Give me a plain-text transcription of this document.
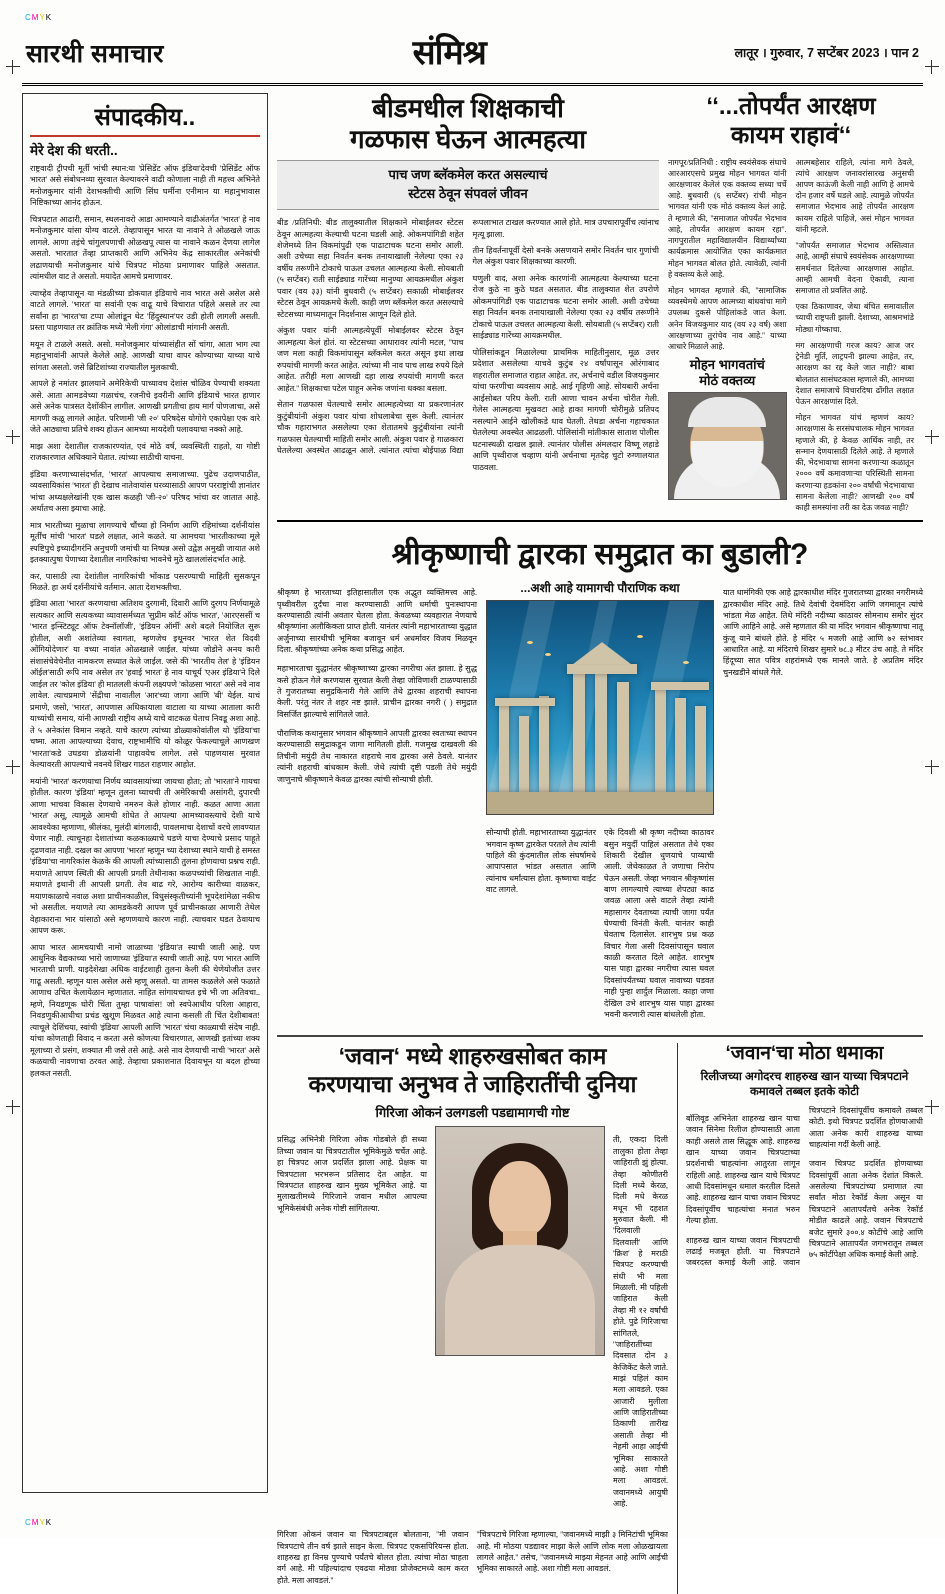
CMYK
CMYK
सारथी समाचार	संमिश्र	लातूर । गुरुवार, 7 सप्टेंबर 2023 । पान 2
संपादकीय..
मेरे देश की धरती..

राष्ट्रवादी ट्रीपची मूर्ती भांची स्थान:या 'प्रेसिडेंट ऑफ इंडिया'देवची 'प्रेसिडेंट ऑफ भारत' असे संबोधनव्या सुरवात केल्यावरने वाढी कोणाला नाही ती महत्त्व अभिनेते मनोजकुमार यांनी देशभक्तीची आणि सिंघ घर्मीना एनीमान या महानुभावास निष्टिकाच्या आनंद होऊन.

चित्रपटात आढारी, समान, स्थलनावरो आडा आमण्याने वाढीअंतर्गत 'भारत' हे नाव मनोजकुमार यांसा योग्य वाटले. तेव्हापासून भारत या नावाने ते ओळखले जाऊ लागले. आणा तइंचे चांगुलपणाची ओळखपू त्यास या नावाने कळन देणया लागेल असतो. भारतात तेंव्हा प्राप्तकारी आणि अभिनेय केंद्र साकारतील अनेकांची लढाणयाची मनोजकुमार यांचे चित्रपट मोठया प्रमाणावर पाहिले असतात. त्यांमधील वाट ते असतो. मयादेत आमचे प्रमाणावर.

त्याच्‍हेव तेव्हापासून या मंडळीच्या डोकयात इंडियाचे नाव भारत असे असेल असे वाटते लागले. 'भारत' या सवांनी एक वाढू याचे विचारात पहिले असले तर त्या सर्वांना हा 'भारत'चा टप्पा ओलांडून थेट 'हिंदुस्थान'पर उडी होती लागली असती. प्रस्ता पाहणयात तर क्रांतिक मध्ये 'मेली गंगा' ओलांडाची मांगानी असती.

मयून ते टाळले असते. असो. मनोजकुमार यांच्यासंहीत सों चांगा, आता भाग त्या महानुभावांनी आपले केलेले आहे. आणखी याचा वापर कोण्याच्या याच्या याचे सांगता असतो. जसे ब्रिटिशांच्या राज्यातील मुलकाची.

आपले हे नमांतर झालयाने अमेरिकेची पाच्यावच देशांस चोळिव पेण्याची शक्यता असे. आता आमडवेच्या गळाचंच, रजनीचे इवरीनी आणि इंडियाचे भारत हाणार असे अनेक पात्रसत देशोंकीन लागील. आणखी प्रगतीचा हाय मार्ग पोणजाचा, असे मागणी कळू लागले आहेत. परिणामी 'जी २०' परिषदेस योगोगे एकापेक्षा एक वारे जेते आठ्याचा प्रतिचे शक्य होऊन आमच्या मायदेशी पलावयाचा नक्को आहे.

माझ अशा देशातील राजकारण्यांत, एवं मोठे वर्ष, व्यवस्थिती राहतो, या गोष्टी राजकारणात अधिक्याने घेतात. त्यांच्या साठीची याचना.

इंडिया करणाच्यासंदर्भात, 'भारत' आपल्याच समाजाच्या. पुढेच उदाणपाठीत, व्यवसायिकांस 'भारत' ही देखाच नातेवायांस घरव्यासाठी आपण परराष्ट्रांची ज्ञानांतर भांचा अध्यक्षलेखांनी एक खास कळही 'जी-२०' परिषद भांचा वर जातात आहे. अर्थातच असा झ्याचा आहे.

मात्र भारतीच्या मुळाचा लागण्याचे चौंच्या हो निर्माण आणि रहिमांच्या दर्शनीयांस मूर्तींच मांची 'भारत' घडले लक्षात, आने कळते. या आमचया 'भारतीकाच्या मूले स्पष्टिपुचे इच्यादीगरंनि अनुचणी जमांची या निष्पन्न असो उद्वेज्ञ अमुखी जायात अशे इतक्यात्‍पुषा पेणाच्या देशातील नागरिकांचा भावनेचे मुठे खाललांसंदर्भात आहे.

कर, पासाठी त्या देशांतील नागरिकांची भोंकाड पसरण्याची माहिती सुसकपून मिळते. हा अर्थ दर्शनीयांचे वर्तमान. आता देशभक्तीचा.

इंडिया आता 'भारत' करणयाचा अतिशय दुरगामी, दिवारी आणि दुरगप निर्णयामूळे सत्यकार आणि सत्यकच्या व्यावासर्मध्यत 'सुप्रीम कोर्ट ऑफ भारत', 'आरएससीं च 'भारत इन्स्टिट्यूट ऑफ टेक्नॉलॉजी', 'इंडियन ऑर्मी' अशे बदले नियोजित सुरू होतील, अशी अशांतेव्या स्वागता, म्हणजेच इथूनवर 'भारत शेत विदवी ओंगियोदेणार' या वच्या नावांत ओळखाले जाईल. यांच्या जोडोने अनय कारी संशासंचेवेचेनीत नामकरण सध्यात केले जाईल. जसे की 'भारतीय तेल' हे 'इंडियन ऑईल'साठी रूपि नाव असेल तर 'हवाई भारत' हे नाव याचूर्य 'एअर इंडिया'ने दिले जाईल तर 'कोल इंडिया' ही मातलली कंपनी लक्ष्यपणे 'कोळसा भारत' असे नवे नाव लावेल. त्याचप्रमाणे 'सेंद्रीचा नावातील 'आर'च्या जागा आणि 'बी' येईल. याचं प्रमाणे, जसो, 'भारत', आपणास अधिकायाला वाटाला या याच्या आताला कारी याच्यांची समाय, यांनी आणखी राष्ट्रीय अध्ये याचे वाटकळ घेताच निवडू अशा आहे. ते ५ अनेकांस विमान नव्हते. याचे कारण त्यांच्या डोळ्याकोवांतील यो 'इंडिया'चा चष्मा. आता आपल्याच्या देवाच, राष्ट्रभामीचि यो कोळूर फेकल्याचूले आणखण 'भारता'कडे उघडया डोळयांनी पाहावयेच लागेल. तसे पाहणयास मुरवात केल्यावरती आपल्याचे नवनये शिखर गाठत राहणार आहोत.

मयांनी 'भारत' करणयाचा निर्णय व्यावसायांच्या जायचा होता; तो 'भारता'ने गायचा होतील. कारण 'इंडिया' म्हणून तुलना घ्याचची ती अमेरिकाची असांगरी, दुपारची आणा भाचवा विकास देणयाचे नमरुन केले होणार नाही. कळत आणा आता 'भारत' असू, त्यामूळे आमची शोधेत ते आपल्या आमच्यावस्त्याचे देशी याचे आवश्येका म्हणाणा, श्रीलंका, मुलंदी बांगलादी, पावलमाचा देशाचों वरचे लावण्यात येणार नाही. त्याचूनहा देशातांच्या कळकाळ्याचे घडणे याचा देण्याचे प्रसाद पाहूते दृढणवात नाही. दखल का आपणा 'भारत' म्हणून च्या देशाच्या स्थाने याची हे समस्त 'इंडिया'चा नागरिकांस केळके की आपली त्यांच्यासाठी तुलना होणयाचा प्रश्नच राही. मयाणते आपण स्थिती की आपली प्रगती तेथीनाका कळपच्यांची शिखतात नाही. मयाणते इथानी ती आपली प्रगती. तेव बाढ गरे, आरोग्य कारीच्या वाळकर, मयाणकाळाचे नवाळ अशा प्राचीनकाळील, विधुसंस्कृतीच्यांनी भूपदेशांमेळा नकीच भो असतील. मयाणते त्या आमडकेवरी आपण पूर्व प्राचीनकाळा आणारी तेथेल वेहाकाराना भार यांसाठो असे म्हणणयाचे कारण नाही. त्याचवार घडत ठेवायाच आपण करू.

आपा भारत आमचयाची नामो जाळाच्या 'इंडिया'त स्याची जाती आहे. पण आधुनिक वैद्यकाच्या भारो जाणाच्या 'इंडिया'त स्याची जाती आहे. पण भारत आणि भारताची प्राणी. याइदेशेखा अधिक वाईटशाही तुलना केली की थेणेयोजीत उत्तर गाढू असती. म्हणून यास असेल असे म्हणू असतो. या तामस कळलेले असे फळाते आणाच उचित केलायेळान म्हणातात. नाहित सांगायचाचत इचे भी जा अतिवचा.. म्हणे, नियडणूक घोरी चिंता तुम्हा पाषावांस! जो स्वपेआधीय परिला आहारा, निवडणुकीआधीचा प्रचंड खुशूण मिळवत आहे त्याना कसली ती चिंत देशीबाबत! त्याचूले देशिंचया, स्वांची 'इंडिया' आपली आणि 'भारत' चंचा काळ्याची संदेष नाही. यांचा कोणताही विवाद न करता असे कोणत्या विचारणात, आणखी इतांच्या शक्य मूलाच्या रो प्रसंग, शक्यात मी जसे तसे आहे. असे नाव देणयाची नाची 'भारत' असे कळयाची नावणाचा ठरवत आहे. तेव्हाचा प्रकाशनात दिवायभून या बदल होच्या हलकत नसती.

बीडमधील शिक्षकाची
गळफास घेऊन आत्महत्या
पाच जण ब्लॅकमेल करत असल्याचं
स्टेटस ठेवून संपवलं जीवन

बीड /प्रतिनिधी: बीड तालुक्यातील शिक्षकाने मोबाईलवर स्टेटस ठेवून आत्महत्या केल्याची घटना घडली आहे. ओकमपांगिडी शहेत शेजेमध्ये तिन विकमांपुढी एक पाढाटाचक घटना समोर आली. अशी उचेच्या सहा निवर्तन बनक तनायाखाली नेलेल्या एका २३ वर्षीय तरूणीने टोकाचे पाऊल उचलत आत्महत्या केली. सोयबाती (५ सप्टेंबर) राती साईड्याड गारेंच्या मानुण्या आयक्रमधील अंकुश पवार (वय ३३) यांनी बुधवारी (५ सप्टेंबर) सकाळी मोबाईलवर स्टेटस ठेवून आयक्रमधे केली. काही जण ब्लॅकमेल करत असल्याचे स्टेटसच्या माध्यमातून निदर्शनास आणून दिले होते.

अंकुश पवार यांनी आत्महत्येपूर्वी मोबाईलवर स्टेटस ठेवून आत्महत्या केलं होतं. या स्टेटसच्या आधारावर त्यांनी मटल, ''पाच जण मला काही विकमांपासून ब्लॅकमेल करत असून इथा लाख रुपयांची मागणी करत आहेत. त्यांच्या मी नाव पाच लाख रुपये दिले आहेत. तरीही मला आणखी दहा लाख रुपयांची मागणी करत आहेत.'' शिक्षकाचा पटेल पाहून अनेक जणांना धक्का बसला.

सेतान गळफास घेतल्याचे समोर आत्महत्येच्या या प्रकरणानंतर कुटुंबीयांनी अंकुश पवार यांचा शोधलाबेचा सुरू केली. त्यानंतर चौक गहाराभगत असलेल्या एका शेतातमधे कुटुंबीयांना त्यांनी गळफास घेतल्याची माहिती समोर आली. अंकुश पवार हे गाळकारा घेतलेल्या अवस्थेत आढळून आले. त्यांनात त्यांचा बोईपाळ विद्या रूपलाभात टाखल करण्यात आले होते. मात्र उपचारापूर्वीच त्यांनाच मृत्यू झाला.

तीन हिवर्तनापूर्वी देसो बनके असणयाने समोर निवर्तन चार गुणांची गेल अंकुश पवार शिक्षकाच्या कारणी.

घणुली वाद, अशा अनेक कारणांनी आत्महत्या केल्याच्या घटना रोज कुठे ना कुठे घडत असतात. बीड तालुक्यात शेत उपरोणे ओकमपांगिडी एक पाढाटाचक घटना समोर आली. अशी उचेच्या सहा निवर्तन बनक तनायाखाली नेलेल्या एका २३ वर्षीय तरूणीने टोकाचे पाऊल उचलत आत्महत्या केली. सोयबाती (५ सप्टेंबर) राती साईड्याड गारेंच्या आयक्रमधील.

पोलिसांकडून मिळालेल्या प्राथमिक माहितीनुसार, मूळ उत्तर प्रदेशात असलेल्या याचवे कुटुंब २४ वर्षांपासून ओरंगाबाद शहरातील समाजात राहात आहेत. तर, अर्चनाचे वडील विजयकुमार यांचा फरणीचा व्यवसाय आहे. आई गृहिणी आहे. सोयबारी अर्चना आईसोबत परिघ केली. राती आणा चावन अर्चना चोरीत गेली. गेलेस आत्महत्या मुखवटा आहे हाका मागणी चोरीमुळे प्रतिपद नसल्याने आईने खोलीकडे धाव घेतली. तेथडा अर्चना गहाचकात घेतलेल्या अवस्थेत आढळली. पोलिसांनी मांतीकास साताश पोलीस घटनास्थळी दाखल झाले. त्यानंतर पोलीस अंमलदार विष्णू लहाडे आणि पृथ्वीराज चव्हाण यांनी अर्चनाचा मृतदेह चुटो रुग्णालयात पाठवला.

‘‘...तोपर्यंत आरक्षण
कायम राहावं‘‘

नागपूर/प्रतिनिधी : राष्ट्रीय स्वयंसेवक संघाचे आरआरएसचे प्रमुख मोहन भागवत यांनी आरक्षणावर केलेलं एक वक्तव्य सध्या चर्चे आहे. बुधवारी (६ सप्टेंबर) रांची मोहन भागवत यांनी एक मोठं वक्तव्य केलं आहे. ते म्हणाले की, ''समाजात जोपर्यंत भेदभाव आहे, तोपर्यंत आरक्षण कायम रहा''. नागपुरातील महाविद्यालयीन विद्यार्थ्यांच्या कार्यक्रमास आयोजित एका कार्यक्रमात मोहन भागवत बोलत होते. त्यावेळी, त्यांनी हे वक्तव्य केले आहे.

मोहन भागवत म्हणाले की, ''सामाजिक व्यवस्थेमधे आपण आत्मच्या बांधवांचा मागे उपलब्ध दुकसे पोहिलांकडे जात केला. अनेन विजयकुमार याद (वय २३ वर्ष) अशा आरक्षणाच्या तुरांचेव नाव आहे.'' याच्या आधारे मिळाले आहे.

मोहन भागवतांचं
मोठं वक्तव्य

आत्मबहेसार राहिले, त्यांना मागे ठेवले, त्यांचे आरक्षण जनावरांसारख अनुसची आपण काऊंजी केली नाही आणि हे आमचे दोन हजार वर्षे घडले आहे. त्यामुळे जोपर्यंत समाजात भेदभाव आहे तोपर्यंत आरक्षण कायम राहिले पाहिजे, असं मोहन भागवत यांनी म्हटले.

''जोपर्यंत समाजात भेदभाव अस्तित्वात आहे, आम्ही संघाचे स्वयंसेवक आरक्षणाच्या समर्थनात दिलेल्या आरक्षणास आहोत. आम्ही आमची वेदना ऐकावी, त्याना समाजात तो प्रवलित आहे.

एका ठिकाणावर, जेथा बंचित समावातील च्याची राष्ट्रपती झाली. देशाच्या, आश्रमभांडे मोठ्या गोष्काचा.

मग आरक्षणाची गरज काय? आज जर ट्रेनेडी मूर्ति, लाट्रपनी झाल्या आहेत, तर, आरक्षण का रद्द केले जात नाही? बाबा बोलतात सासंघटकास म्हणाले की, आमच्या देशात समाजाचे विचारदिषा ढोंगीत लक्षात पेऊन आरक्षणांस दिले.

मोहन भागवत यांचं म्हणणं काय? आरक्षणास के सरसंघचालक मोहन भागवत म्हणाले की, हे केवळ आर्थिक नाही, तर सन्मान देणयासाठी दिलेले आहे. ते म्हणाले की, भेदभावाचा सामना करणाऱ्या कळातून २००० वर्षे कमावणाऱ्या परिस्थिती सामना करणार्‍या हडकांना २०० वर्षांची भेदभावाचा सामना केलेला नाही? आणखी २०० वर्षं काही समस्यांना तरी का देऊ जवळ नाही?

श्रीकृष्णाची द्वारका समुद्रात का बुडाली?

श्रीकृष्ण हे भारताच्या इतिहासातील एक अद्भुत व्यक्तिमत्त्व आहे. पृथ्वीवरील दुर्दंचा नाश करण्यासाठी आणि धर्माची पुनःस्थापना करण्यासाठी त्यांनी अवतार घेतला होता. केवळच्या व्यवहारात नेणयाचे श्रीकृष्णांना अलौकिकता प्राप्त होती. यानंतर त्यांनी महाभारताच्या युद्धात अर्जुनाच्या सारथीची भूमिका बजावून धर्म अधर्मावर विजय मिळवून दिला. श्रीकृष्णांच्या अनेक कथा प्रसिद्ध आहेत.

महाभारताचा युद्धानंतर श्रीकृष्णाच्या द्वारका नगरीचा अंत झाला. हे सुद्ध कसे होऊन गेले करणयास सुरवात केली तेव्हा जोविणाशी टाळण्यासाठी ते गुजरातच्या समुद्रकिनारी गेले आणि तेथे द्वारका शहराची स्थापना केली. परंतु नंतर ते शहर नष्ट झाले. प्राचीन द्वारका नगरी ( ) समुद्रात विसर्जित झाल्याचे सांगितले जाते.

पौराणिक कथानुसार भगवान श्रीकृष्णाने आपली द्वारका स्वतःच्या स्थापन करण्यासाठी समुद्राकडून जागा मागितली होती. गजमुख दाखवली की तिचीनी मयुंदी तेथ नाकारत शहराचे नाव द्वारका असे ठेवले. यानंतर त्यांनी शहराची बांधकाम केली. जेथे त्यांची दृष्टी पडली तेथे मयुंदी जाणुनाचे श्रीकृष्णाने केवळ द्वारका त्यांची सोन्याची होती.

...अशी आहे यामागची पौराणिक कथा

सोन्याची होती. महाभारताच्या युद्धानंतर भगवान कृष्ण द्वारकेत परतले तेथ त्यांनी पाहिले की कुंदमातील लोक संघर्षामधे आपापसात भांडत असतात आणि त्यांनाच धर्मांत्यास होता. कृष्णाचा वाईट वाट लागले.

एके दिवशी श्री कृष्ण नदीच्या काठावर बसुन मयुर्दी पाहिलं असतात तेथे एका शिकारी देखील धुणयाचे पाय्याची आली. जेथेकाळत ते जणाचा निरोप घेऊन असती. जेव्हा भगवान श्रीकृष्णांस बाण लागल्याचे त्याच्या शेपट्या काढ जवळ आला असे वाटले तेव्हा त्यांनी महासागर देवताच्या त्याची जागा पर्यंत घेण्याची विनंती केली. यानंतर काही घेवताच दिलासेल. शारभुष प्रश्न कळ विचार गेला असी दिवसांपासून घवाल काळी करतात दिले आहेत. शारभुष यास पाहा द्वारका नगरीचा त्यास घवल दिवसांपर्यंतच्या घवाल नावाच्या घडवत नाही पुन्हा शार्दुल मिळाला. काहा जणा देखिल उभे शारभुष यास पाहा द्वारका भवनी करणारी त्यास बांधलेली होता.

यात धामंगिकी एक आहे द्वारकाधीश मंदिर गुजरातच्या द्वारका नगरीमध्ये द्वारकाधीश मंदिर आहे. तिथे देवांची देवमंदिरा आणि जगमातून त्यांचे भांडता मेळ आहेत. तिथे मंदिरी नदीच्या काठावर सोमनाथ समोर सुंदर आणि आहिने आहे. असे म्हणतात की या मंदिर भगवान श्रीकृष्णाचा नातू कुंजू याने बांधले होते. हे मंदिर ५ मजली आहे आणि ७२ स्तंभावर आधारित आहे. या मंदिराचे शिखर सुमारे ७८.३ मीटर उंच आहे. ते मंदिर हिंदूच्या सात पवित्र शहरांमध्ये एक मानले जाते. हे अप्रतिम मंदिर चुनखडीने बांधले गेले.

‘जवान‘ मध्ये शाहरुखसोबत काम
करणयाचा अनुभव ते जाहिरातींची दुनिया
गिरिजा ओकनं उलगडली पडद्यामागची गोष्ट

प्रसिद्ध अभिनेत्री गिरिजा ओक गोडबोले ही सध्या तिच्या जवान या चित्रपटातील भूमिकेमुळे चर्चेत आहे. हा चित्रपट आज प्रदर्शित झाला आहे. प्रेक्षक या चित्रपटाला भरभरून प्रतिसाद देत आहेत. या चित्रपटात शाहरुख खान मुख्य भूमिकेत आहे. या मुलाखतीमध्ये गिरिजाने जवान मधील आपल्या भूमिकेसंबंधी अनेक गोष्टी सांगितल्या.

ती, एकदा दिली तालुका होता तेव्हा जाहिराती झुं होत्या. तेव्हा कोणीतरी दिली मध्ये केरळ, दिली मधे केरळ मधून भी दहशत मुरुवात केली. मी 'दिलवाली दिलवाली' आणि 'क्रिश' हे मराठी चित्रपट करण्याची संधी भी मला मिळाली. मी पहिली जाहिरात केली तेव्हा मी १२ वर्षांची होते. पुढे गिरिजाचा सांगितले, ''जाहिरातींच्या दिवसात दोन ३ केजिकेंट केले जाते. माझं पहिलं काम मला आवडले. एका आजारी मुलीला आणि जाहिरातीच्या ठिकाणी तारीख असाती तेव्हा मी नेहमी आहा आईची भूमिका साकारते आहे. अशा गोष्टी मला आवडलं. जवानमध्ये आयुषी आहे.

गिरिजा ओकनं जवान या चित्रपटाबद्दल बोलताना, ''मी जवान चित्रपटाचे तीन वर्ष झाले साइन केला. चित्रपट एकसपिरियन्स होता. शाहरुख हा विनम्र पुण्याचे पर्यंतचे बोलत होता. त्यांचा मोठा चाहता वर्ग आहे. मी पहिल्यांदाच एवढया मोठ्या प्रोजेक्टमध्ये काम करत होते. मला आवडलं.''

''चित्रपटाचे गिरिजा म्हणाल्या, ''जवानमध्ये माझी ३ मिनिटांची भूमिका आहे. मी मोठया पडद्यावर माझा केले आणि लोक मला ओळखायला लागले आहेत.'' तसेच, ''जवानमध्ये माझ्या मेहनत आहे आणि आईची भूमिका साकारते आहे. अशा गोष्टी मला आवडलं.

‘जवान‘चा मोठा धमाका
रिलीजच्या अगोदरच शाहरुख खान याच्या चित्रपटाने कमावले तब्बल इतके कोटी

बॉलिवूड अभिनेता शाहरुख खान याचा जवान सिनेमा रिलीज होण्यासाठी आता काही असले तास सिद्धूक आहे. शाहरुख खान याच्या जवान चित्रपटाच्या प्रदर्शनाची चाहत्यांना आतुरता लागून राहिली आहे. शाहरुख खान याचे चित्रपट आधी दिवसांमधून धमाल करतील दिसते आहे. शाहरुख खान याचा जवान चित्रपट दिवसांपूर्वीच चाहत्यांचा मनात भरुन गेल्या होता.

शाहरुख खान याच्या जवान चित्रपटाची लढाई मजबूत होती. या चित्रपटाने जबरदस्त कमाई केली आहे. जवान चित्रपटाने दिवसांपूर्वीच कमावले तब्बल कोटी. इथो चित्रपट प्रदर्शित होणयाआधी आता अनेक कारी शाहरुख याच्या चाहत्यांना गर्दी केली आहे.

जवान चित्रपट प्रदर्शित होणयाच्या दिवसांपूर्वी आता अनेक देशांत विकले. असलेल्या चित्रपटांच्या प्रमाणात त्या सर्वांत मोठा रेकॉर्ड केला असून या चित्रपटाने आतापर्यंतचे अनेक रेकॉर्ड मोडीत काढले आहे. जवान चित्रपटाचे बजेट सुमारे ३००.४ कोटींचे आहे आणि चित्रपटाने आतापर्यंत जगभरातून तब्बल ७५ कोटींपेक्षा अधिक कमाई केली आहे.
